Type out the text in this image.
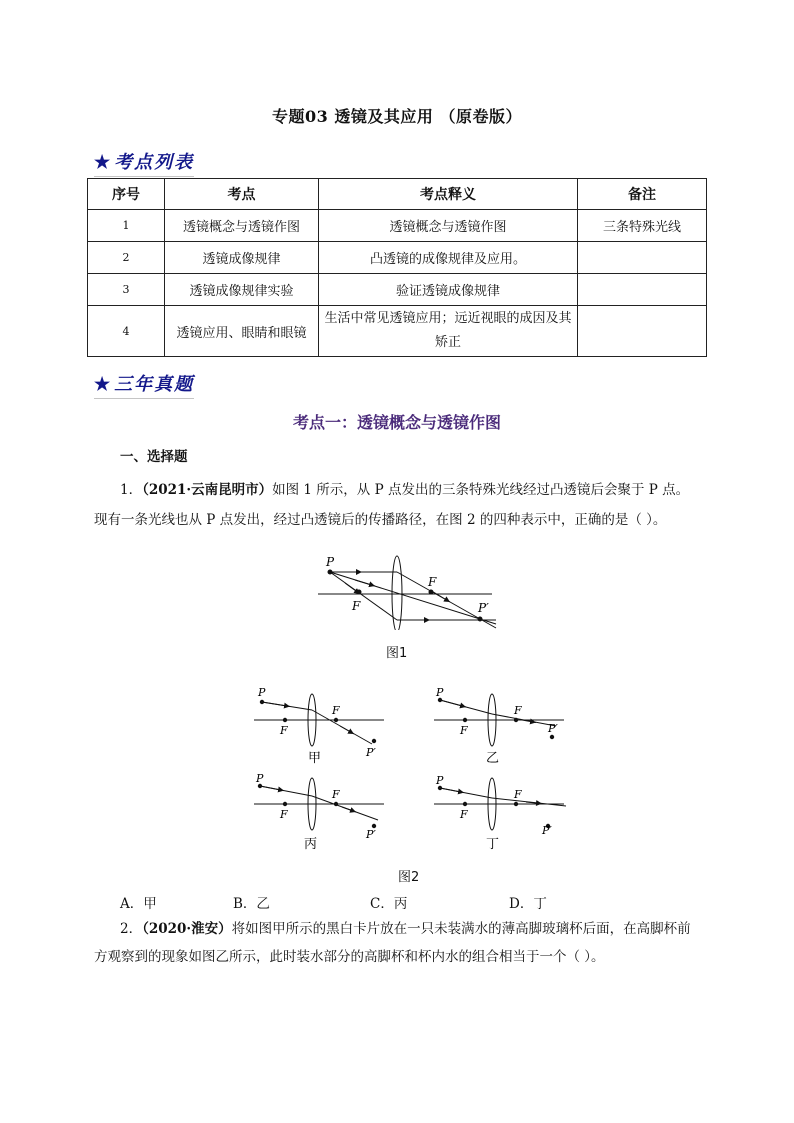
专题03 透镜及其应用 （原卷版）
★ 考点列表
序号	考点	考点释义	备注
1	透镜概念与透镜作图	透镜概念与透镜作图	三条特殊光线
2	透镜成像规律	凸透镜的成像规律及应用。	
3	透镜成像规律实验	验证透镜成像规律	
4	透镜应用、眼睛和眼镜	生活中常见透镜应用；远近视眼的成因及其矫正	
★ 三年真题
考点一：透镜概念与透镜作图
一、选择题
1．（2021·云南昆明市）如图 1 所示，从 P 点发出的三条特殊光线经过凸透镜后会聚于 P 点。
现有一条光线也从 P 点发出，经过凸透镜后的传播路径，在图 2 的四种表示中，正确的是（ ）。
P
F
F
P′
图1
P
F
F
P′
甲
P
F
F
P′
乙
P
F
F
P′
丙
P
F
F
P′
丁
图2
A．甲	B．乙	C．丙	D．丁
2．（2020·淮安）将如图甲所示的黑白卡片放在一只未装满水的薄高脚玻璃杯后面，在高脚杯前
方观察到的现象如图乙所示，此时装水部分的高脚杯和杯内水的组合相当于一个（ ）。
